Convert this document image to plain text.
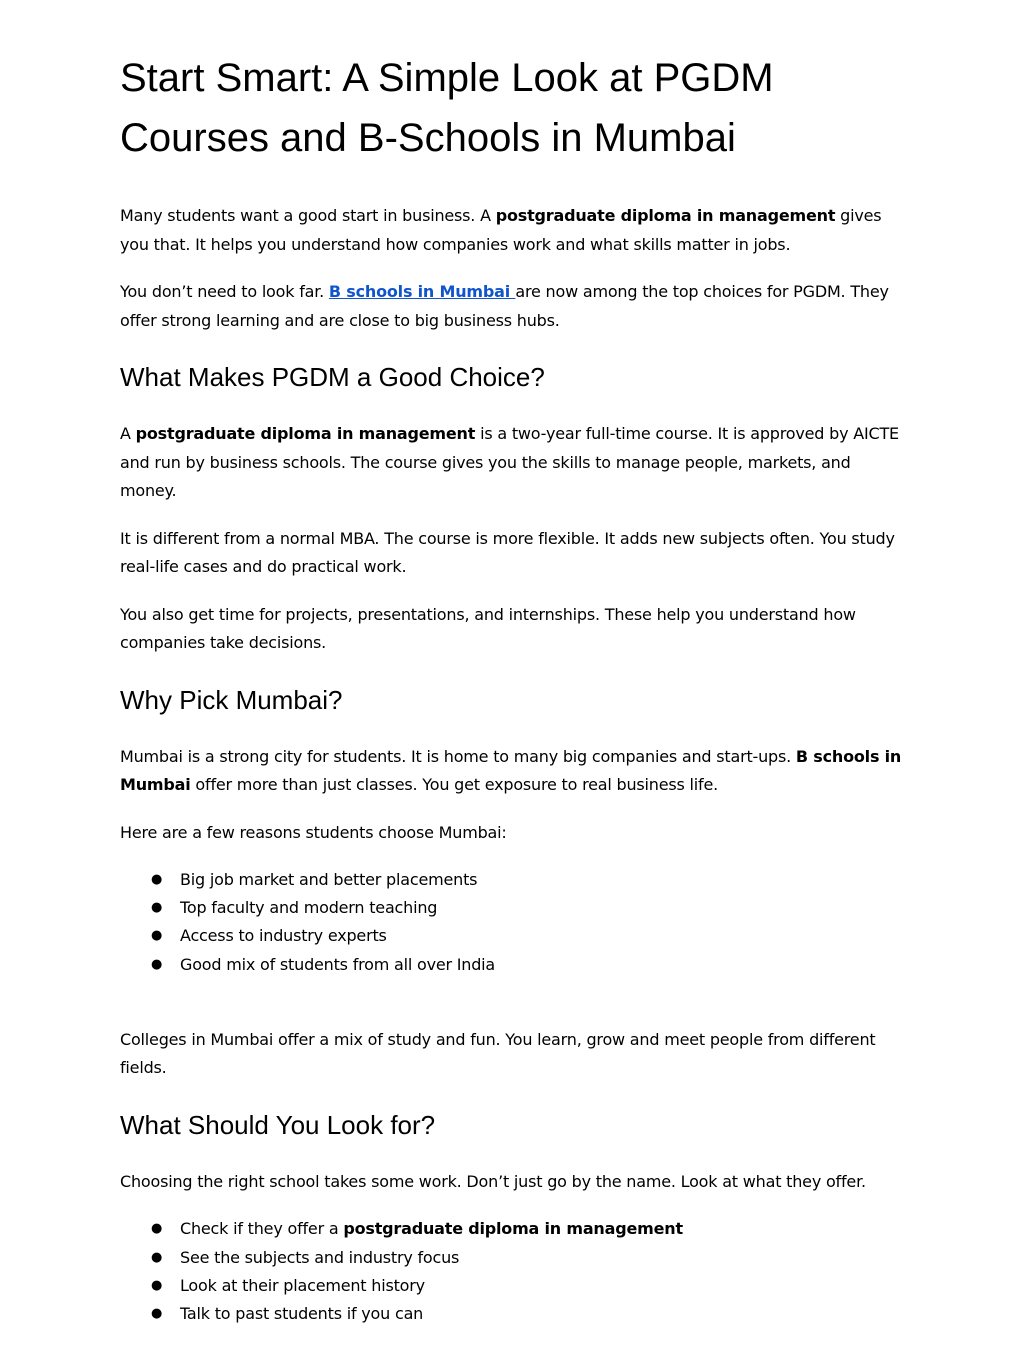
Start Smart: A Simple Look at PGDM Courses and B-Schools in Mumbai

Many students want a good start in business. A postgraduate diploma in management gives you that. It helps you understand how companies work and what skills matter in jobs.

You don’t need to look far. B schools in Mumbai are now among the top choices for PGDM. They offer strong learning and are close to big business hubs.

What Makes PGDM a Good Choice?

A postgraduate diploma in management is a two-year full-time course. It is approved by AICTE and run by business schools. The course gives you the skills to manage people, markets, and money.

It is different from a normal MBA. The course is more flexible. It adds new subjects often. You study real-life cases and do practical work.

You also get time for projects, presentations, and internships. These help you understand how companies take decisions.

Why Pick Mumbai?

Mumbai is a strong city for students. It is home to many big companies and start-ups. B schools in Mumbai offer more than just classes. You get exposure to real business life.

Here are a few reasons students choose Mumbai:

● Big job market and better placements
● Top faculty and modern teaching
● Access to industry experts
● Good mix of students from all over India

Colleges in Mumbai offer a mix of study and fun. You learn, grow and meet people from different fields.

What Should You Look for?

Choosing the right school takes some work. Don’t just go by the name. Look at what they offer.

● Check if they offer a postgraduate diploma in management
● See the subjects and industry focus
● Look at their placement history
● Talk to past students if you can
